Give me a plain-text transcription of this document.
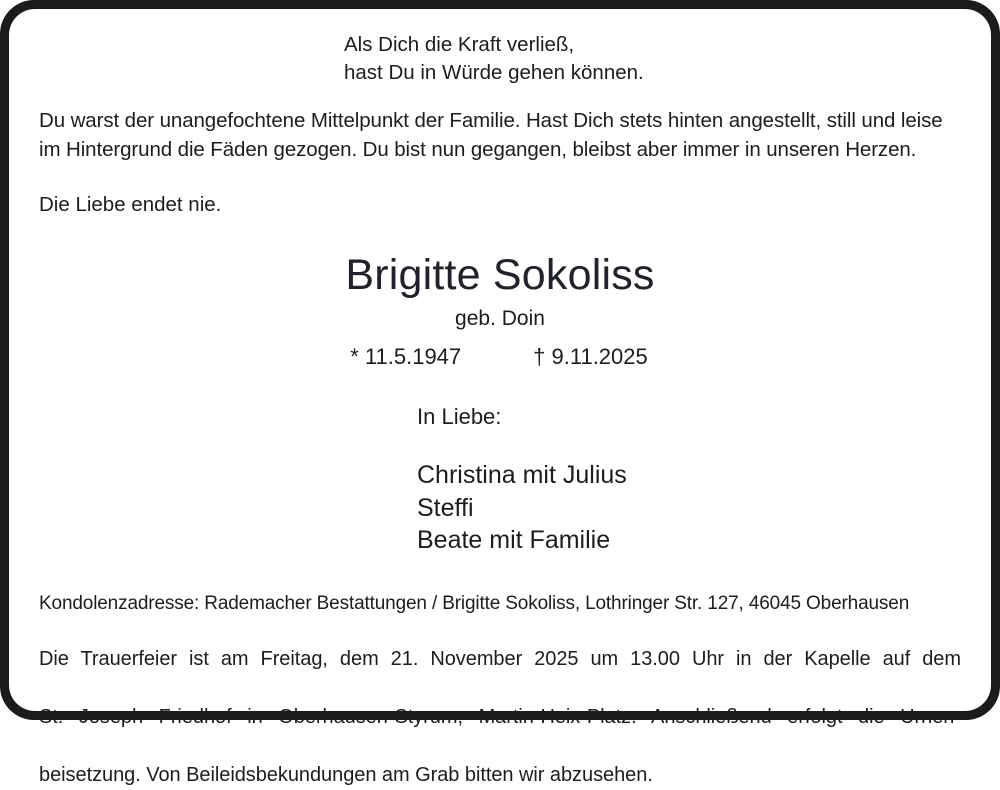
Als Dich die Kraft verließ,
hast Du in Würde gehen können.
Du warst der unangefochtene Mittelpunkt der Familie. Hast Dich stets hinten angestellt, still und leise
im Hintergrund die Fäden gezogen. Du bist nun gegangen, bleibst aber immer in unseren Herzen.
Die Liebe endet nie.
Brigitte Sokoliss
geb. Doin
* 11.5.1947	† 9.11.2025
In Liebe:
Christina mit Julius
Steffi
Beate mit Familie
Kondolenzadresse: Rademacher Bestattungen / Brigitte Sokoliss, Lothringer Str. 127, 46045 Oberhausen
Die Trauerfeier ist am Freitag, dem 21. November 2025 um 13.00 Uhr in der Kapelle auf dem
St. Joseph Friedhof in Oberhausen-Styrum, Martin-Heix-Platz. Anschließend erfolgt die Urnen-
beisetzung. Von Beileidsbekundungen am Grab bitten wir abzusehen.
